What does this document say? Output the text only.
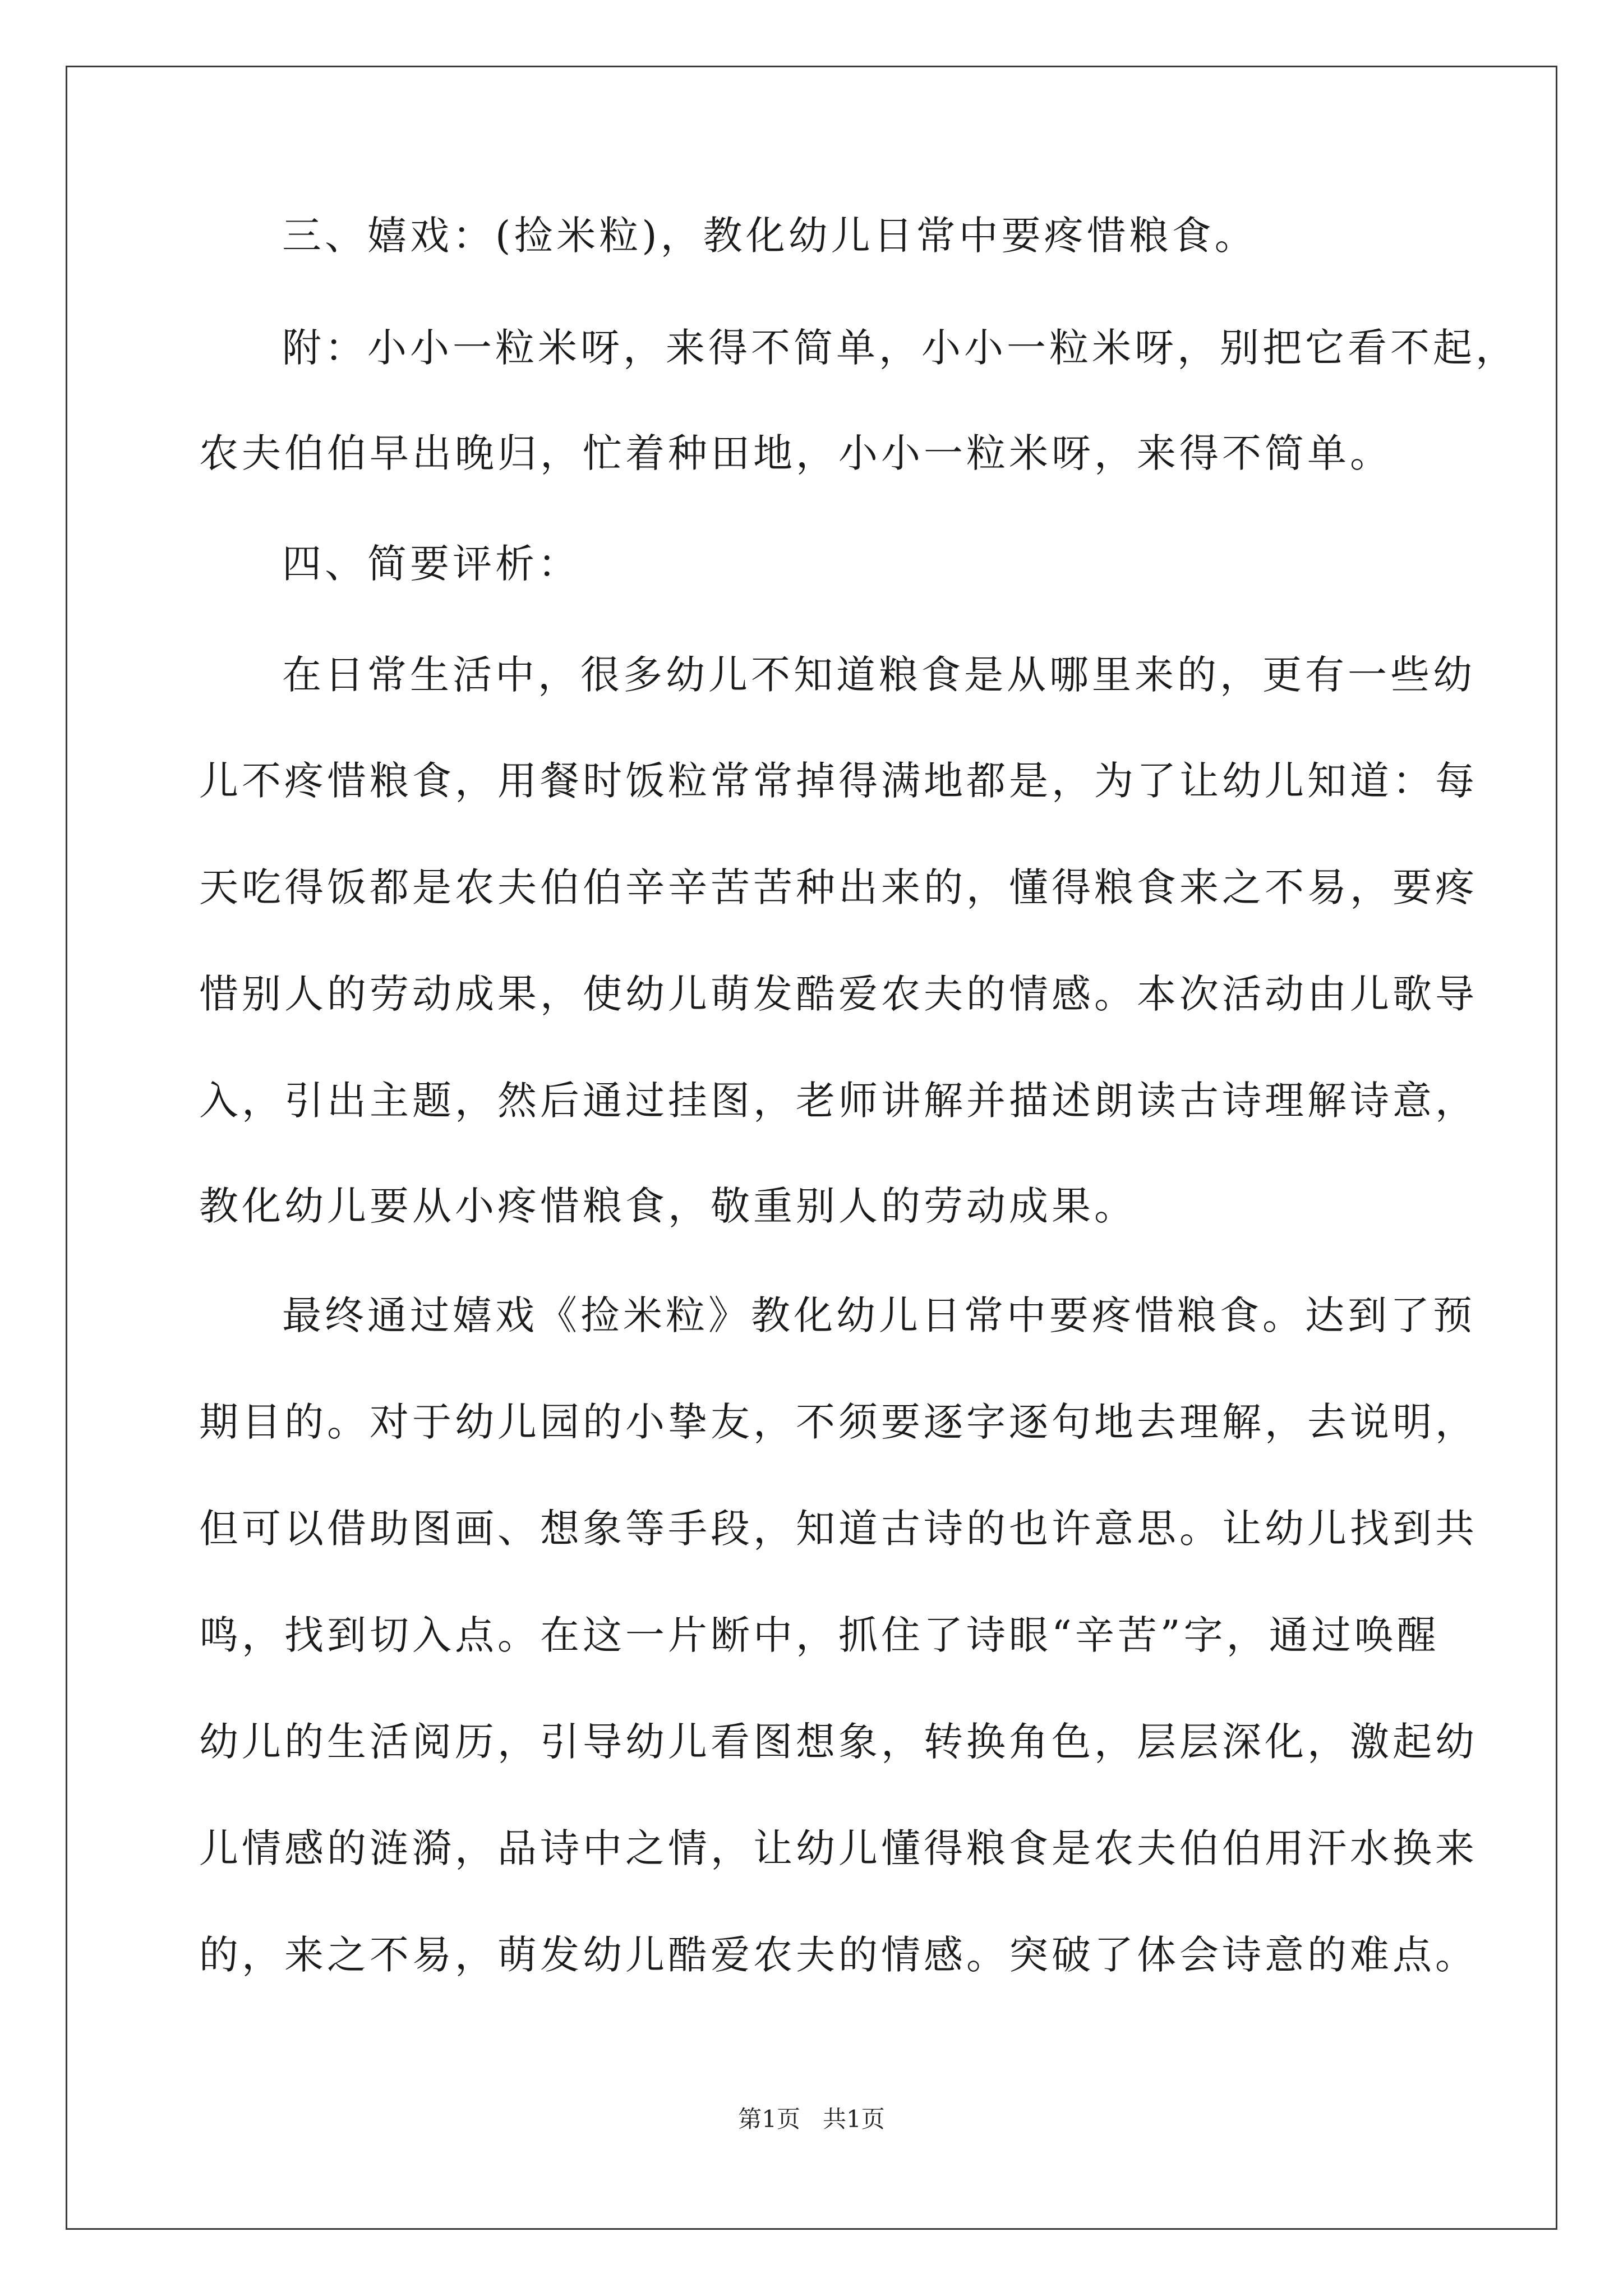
三、嬉戏：(捡米粒)，教化幼儿日常中要疼惜粮食。
附：小小一粒米呀，来得不简单，小小一粒米呀，别把它看不起，
农夫伯伯早出晚归，忙着种田地，小小一粒米呀，来得不简单。
四、简要评析：
在日常生活中，很多幼儿不知道粮食是从哪里来的，更有一些幼
儿不疼惜粮食，用餐时饭粒常常掉得满地都是，为了让幼儿知道：每
天吃得饭都是农夫伯伯辛辛苦苦种出来的，懂得粮食来之不易，要疼
惜别人的劳动成果，使幼儿萌发酷爱农夫的情感。本次活动由儿歌导
入，引出主题，然后通过挂图，老师讲解并描述朗读古诗理解诗意，
教化幼儿要从小疼惜粮食，敬重别人的劳动成果。
最终通过嬉戏《捡米粒》教化幼儿日常中要疼惜粮食。达到了预
期目的。对于幼儿园的小挚友，不须要逐字逐句地去理解，去说明，
但可以借助图画、想象等手段，知道古诗的也许意思。让幼儿找到共
鸣，找到切入点。在这一片断中，抓住了诗眼“辛苦”字，通过唤醒
幼儿的生活阅历，引导幼儿看图想象，转换角色，层层深化，激起幼
儿情感的涟漪，品诗中之情，让幼儿懂得粮食是农夫伯伯用汗水换来
的，来之不易，萌发幼儿酷爱农夫的情感。突破了体会诗意的难点。
第1页 共1页
